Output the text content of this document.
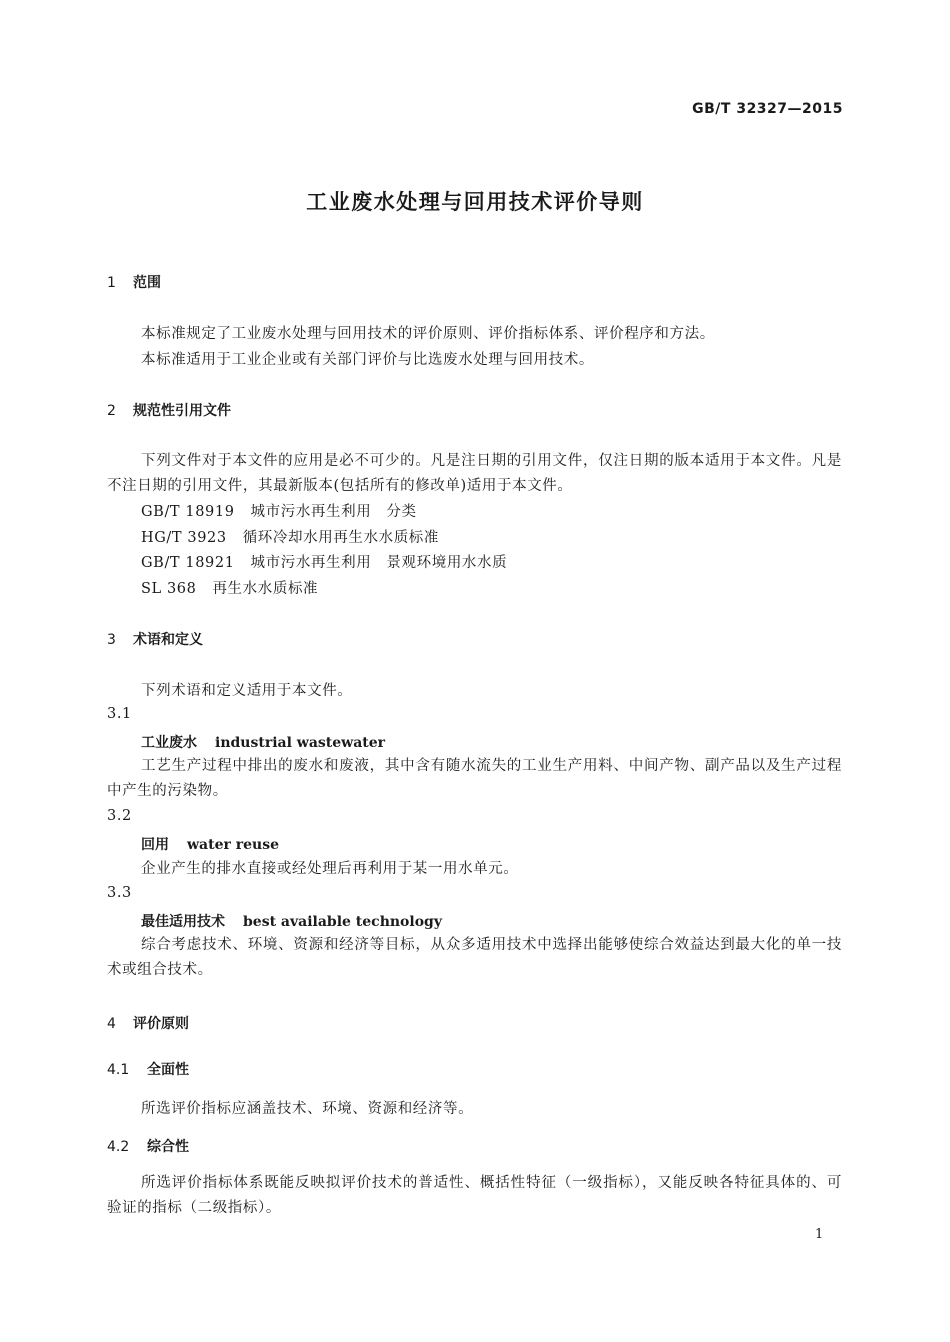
GB/T 32327—2015
工业废水处理与回用技术评价导则
1 范围
本标准规定了工业废水处理与回用技术的评价原则、评价指标体系、评价程序和方法。
本标准适用于工业企业或有关部门评价与比选废水处理与回用技术。
2 规范性引用文件
下列文件对于本文件的应用是必不可少的。凡是注日期的引用文件，仅注日期的版本适用于本文件。凡是不注日期的引用文件，其最新版本(包括所有的修改单)适用于本文件。
GB/T 18919 城市污水再生利用　分类
HG/T 3923 循环冷却水用再生水水质标准
GB/T 18921 城市污水再生利用　景观环境用水水质
SL 368 再生水水质标准
3 术语和定义
下列术语和定义适用于本文件。
3.1
工业废水 industrial wastewater
工艺生产过程中排出的废水和废液，其中含有随水流失的工业生产用料、中间产物、副产品以及生产过程中产生的污染物。
3.2
回用 water reuse
企业产生的排水直接或经处理后再利用于某一用水单元。
3.3
最佳适用技术 best available technology
综合考虑技术、环境、资源和经济等目标，从众多适用技术中选择出能够使综合效益达到最大化的单一技术或组合技术。
4 评价原则
4.1 全面性
所选评价指标应涵盖技术、环境、资源和经济等。
4.2 综合性
所选评价指标体系既能反映拟评价技术的普适性、概括性特征（一级指标），又能反映各特征具体的、可验证的指标（二级指标）。
1
